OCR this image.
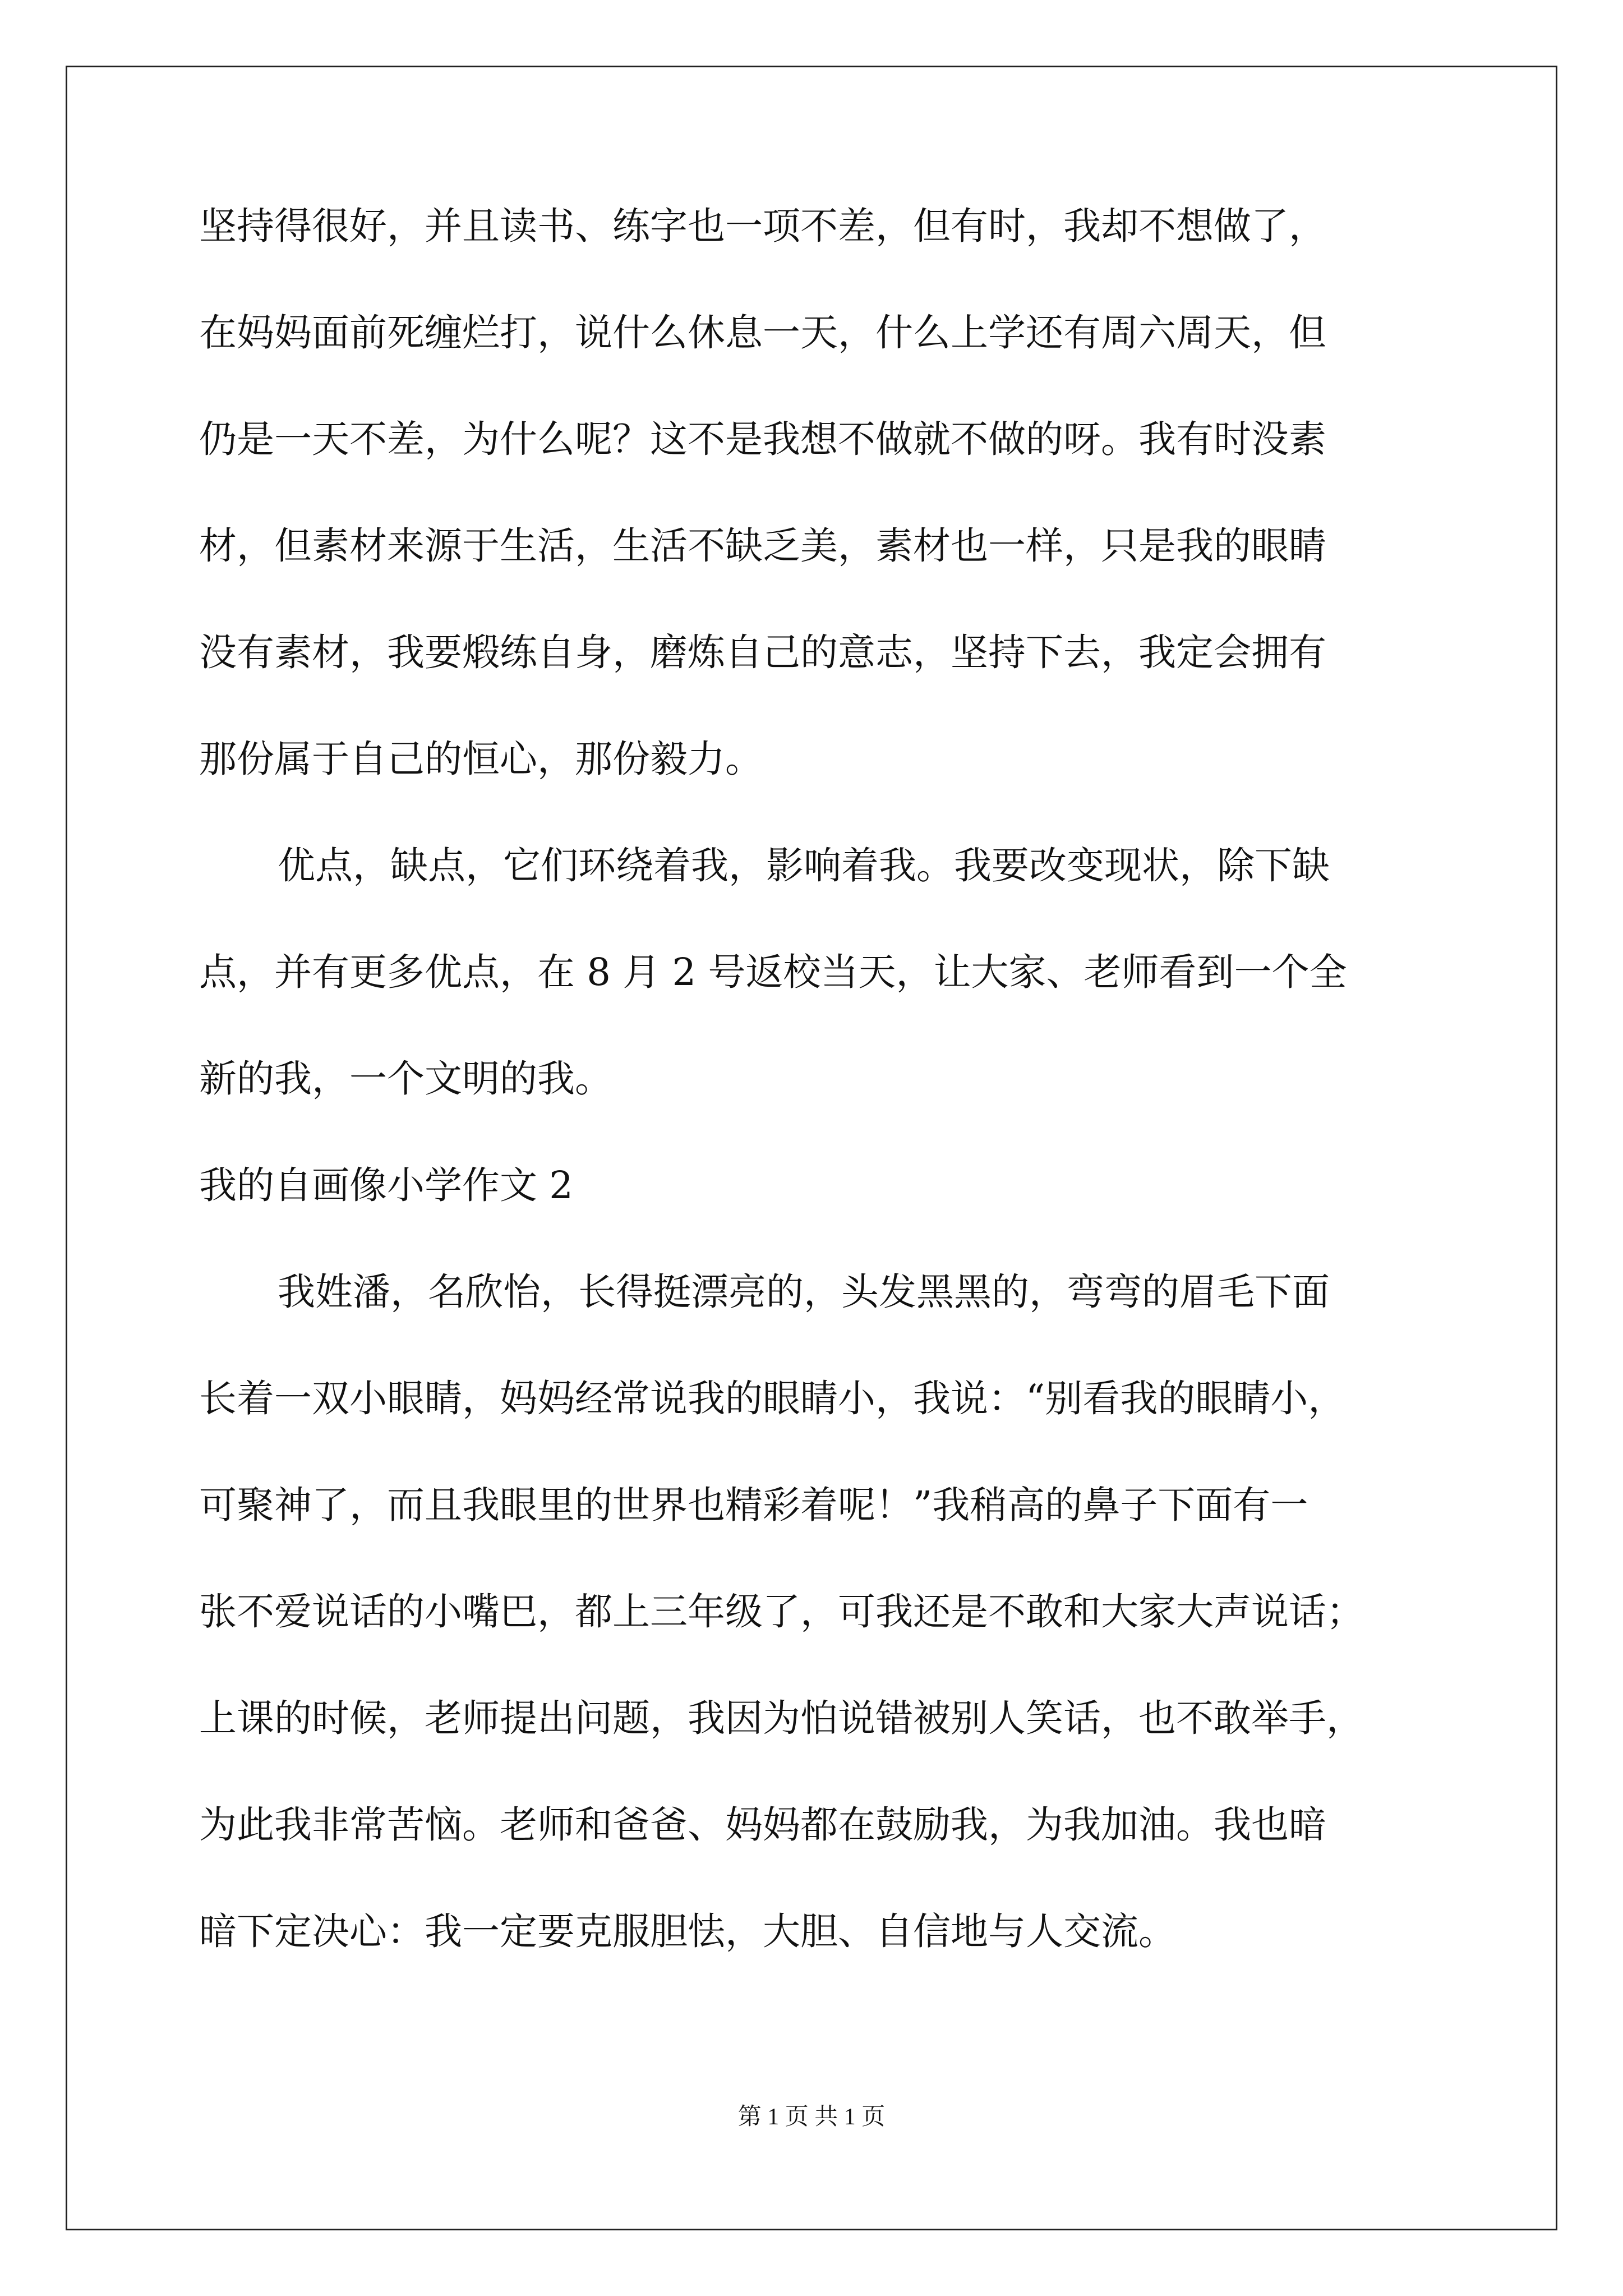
坚持得很好，并且读书、练字也一项不差，但有时，我却不想做了，
在妈妈面前死缠烂打，说什么休息一天，什么上学还有周六周天，但
仍是一天不差，为什么呢？这不是我想不做就不做的呀。我有时没素
材，但素材来源于生活，生活不缺乏美，素材也一样，只是我的眼睛
没有素材，我要煅练自身，磨炼自己的意志，坚持下去，我定会拥有
那份属于自己的恒心，那份毅力。
优点，缺点，它们环绕着我，影响着我。我要改变现状，除下缺
点，并有更多优点，在 8 月 2 号返校当天，让大家、老师看到一个全
新的我，一个文明的我。
我的自画像小学作文 2
我姓潘，名欣怡，长得挺漂亮的，头发黑黑的，弯弯的眉毛下面
长着一双小眼睛，妈妈经常说我的眼睛小，我说：“别看我的眼睛小，
可聚神了，而且我眼里的世界也精彩着呢！”我稍高的鼻子下面有一
张不爱说话的小嘴巴，都上三年级了，可我还是不敢和大家大声说话；
上课的时候，老师提出问题，我因为怕说错被别人笑话，也不敢举手，
为此我非常苦恼。老师和爸爸、妈妈都在鼓励我，为我加油。我也暗
暗下定决心：我一定要克服胆怯，大胆、自信地与人交流。
第 1 页 共 1 页
